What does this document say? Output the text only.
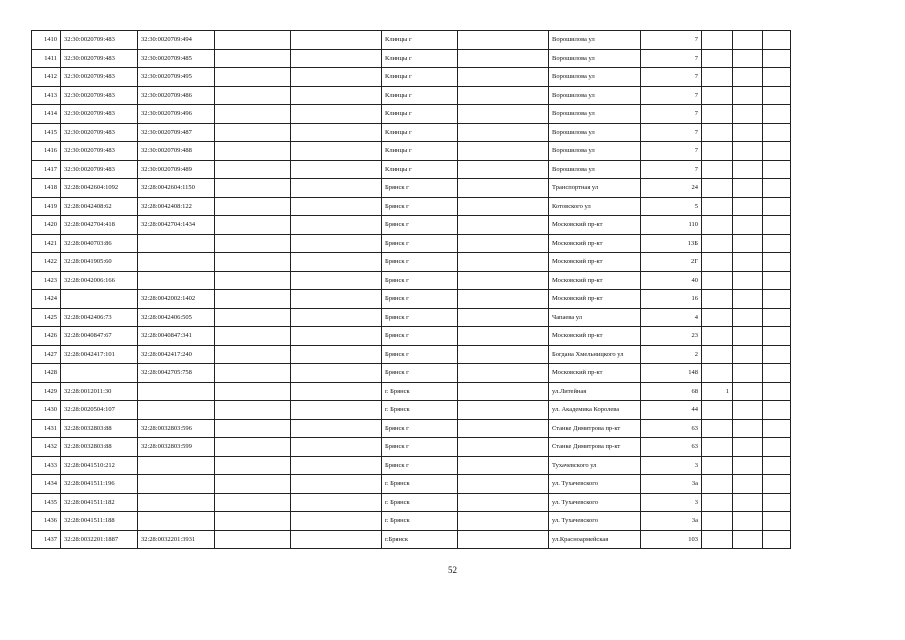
1410	32:30:0020709:483	32:30:0020709:494			Клинцы г		Ворошилова ул	7			
1411	32:30:0020709:483	32:30:0020709:485			Клинцы г		Ворошилова ул	7			
1412	32:30:0020709:483	32:30:0020709:495			Клинцы г		Ворошилова ул	7			
1413	32:30:0020709:483	32:30:0020709:486			Клинцы г		Ворошилова ул	7			
1414	32:30:0020709:483	32:30:0020709:496			Клинцы г		Ворошилова ул	7			
1415	32:30:0020709:483	32:30:0020709:487			Клинцы г		Ворошилова ул	7			
1416	32:30:0020709:483	32:30:0020709:488			Клинцы г		Ворошилова ул	7			
1417	32:30:0020709:483	32:30:0020709:489			Клинцы г		Ворошилова ул	7			
1418	32:28:0042604:1092	32:28:0042604:1150			Брянск г		Транспортная ул	24			
1419	32:28:0042408:62	32:28:0042408:122			Брянск г		Котовского ул	5			
1420	32:28:0042704:418	32:28:0042704:1434			Брянск г		Московский пр-кт	110			
1421	32:28:0040703:86				Брянск г		Московский пр-кт	13Б			
1422	32:28:0041905:60				Брянск г		Московский пр-кт	2Г			
1423	32:28:0042006:166				Брянск г		Московский пр-кт	40			
1424		32:28:0042002:1402			Брянск г		Московский пр-кт	16			
1425	32:28:0042406:73	32:28:0042406:505			Брянск г		Чапаева ул	4			
1426	32:28:0040847:67	32:28:0040847:341			Брянск г		Московский пр-кт	23			
1427	32:28:0042417:101	32:28:0042417:240			Брянск г		Богдана Хмельницкого ул	2			
1428		32:28:0042705:758			Брянск г		Московский пр-кт	148			
1429	32:28:0012011:30				г. Брянск		ул.Литейная	68	1		
1430	32:28:0020504:107				г. Брянск		ул. Академика Королева	44			
1431	32:28:0032803:88	32:28:0032803:596			Брянск г		Станке Димитрова пр-кт	63			
1432	32:28:0032803:88	32:28:0032803:599			Брянск г		Станке Димитрова пр-кт	63			
1433	32:28:0041510:212				Брянск г		Тухачевского ул	3			
1434	32:28:0041511:196				г. Брянск		ул. Тухачевского	3а			
1435	32:28:0041511:182				г. Брянск		ул. Тухачевского	3			
1436	32:28:0041511:188				г. Брянск		ул. Тухачевского	3а			
1437	32:28:0032201:1887	32:28:0032201:3931			г.Брянск		ул.Красноармейская	103			
52
